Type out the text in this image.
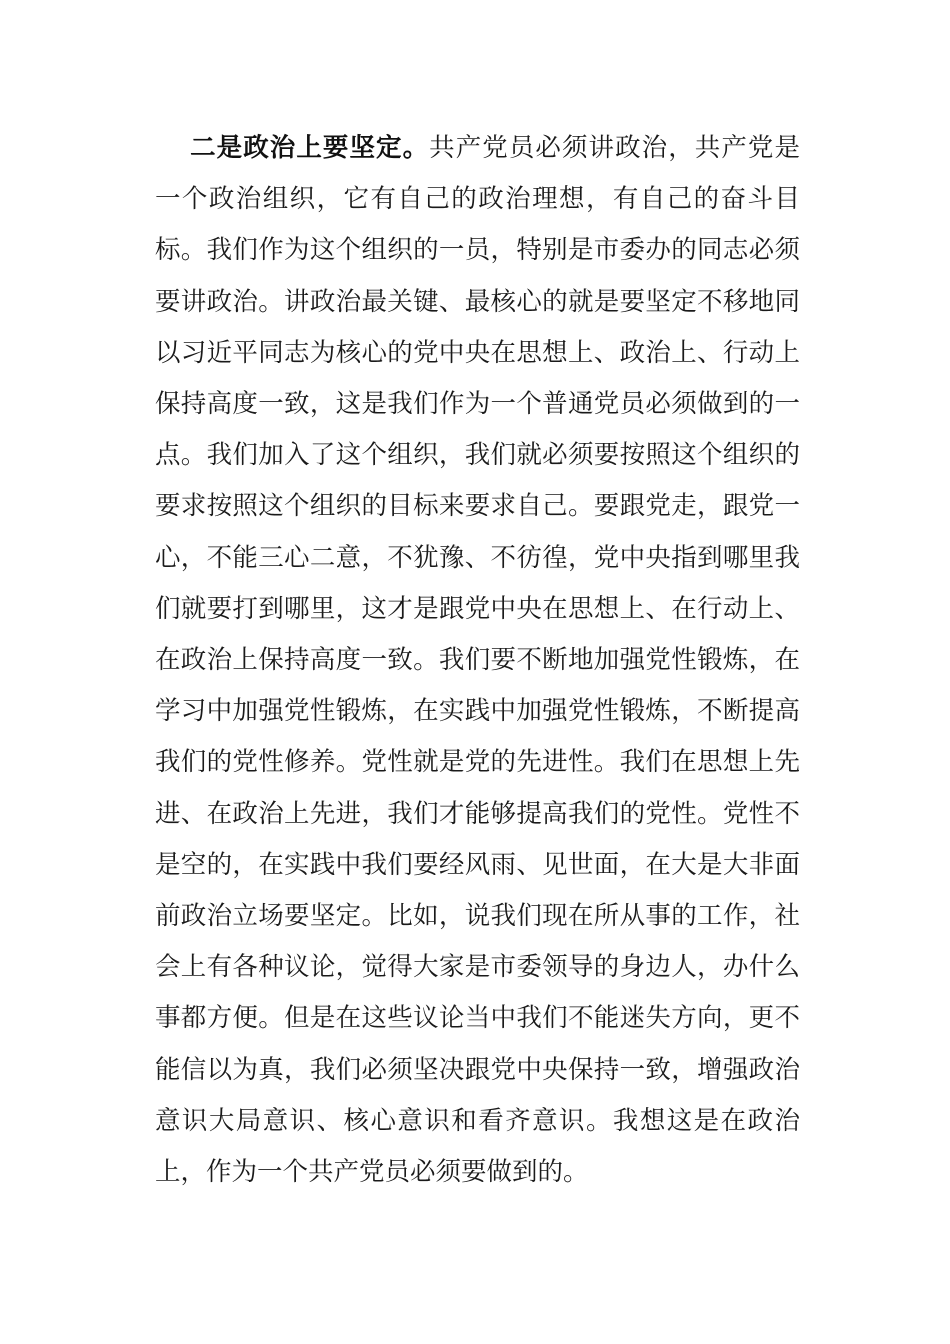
二是政治上要坚定。共产党员必须讲政治，共产党是一个政治组织，它有自己的政治理想，有自己的奋斗目标。我们作为这个组织的一员，特别是市委办的同志必须要讲政治。讲政治最关键、最核心的就是要坚定不移地同以习近平同志为核心的党中央在思想上、政治上、行动上保持高度一致，这是我们作为一个普通党员必须做到的一点。我们加入了这个组织，我们就必须要按照这个组织的要求按照这个组织的目标来要求自己。要跟党走，跟党一心，不能三心二意，不犹豫、不彷徨，党中央指到哪里我们就要打到哪里，这才是跟党中央在思想上、在行动上、在政治上保持高度一致。我们要不断地加强党性锻炼，在学习中加强党性锻炼，在实践中加强党性锻炼，不断提高我们的党性修养。党性就是党的先进性。我们在思想上先进、在政治上先进，我们才能够提高我们的党性。党性不是空的，在实践中我们要经风雨、见世面，在大是大非面前政治立场要坚定。比如，说我们现在所从事的工作，社会上有各种议论，觉得大家是市委领导的身边人，办什么事都方便。但是在这些议论当中我们不能迷失方向，更不能信以为真，我们必须坚决跟党中央保持一致，增强政治意识大局意识、核心意识和看齐意识。我想这是在政治上，作为一个共产党员必须要做到的。
